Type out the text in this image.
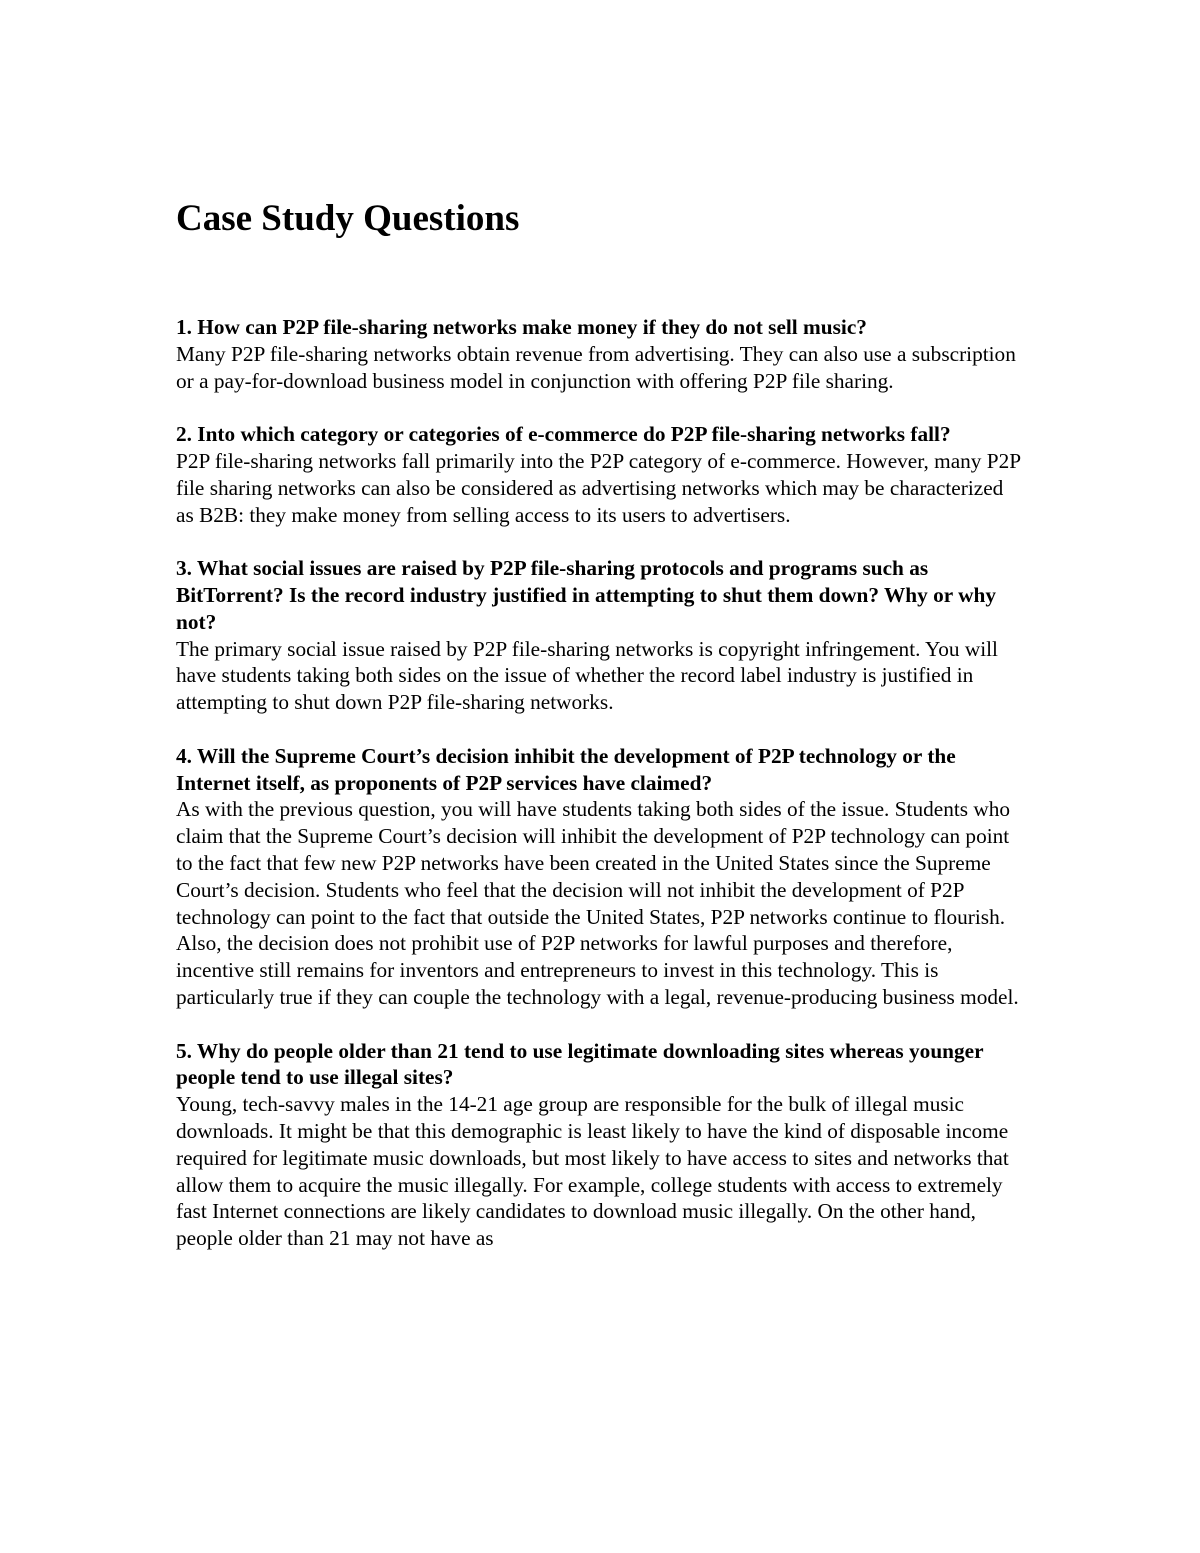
Case Study Questions

1. How can P2P file-sharing networks make money if they do not sell music?

Many P2P file-sharing networks obtain revenue from advertising. They can also use a subscription or a pay-for-download business model in conjunction with offering P2P file sharing.

2. Into which category or categories of e-commerce do P2P file-sharing networks fall?

P2P file-sharing networks fall primarily into the P2P category of e-commerce. However, many P2P file sharing networks can also be considered as advertising networks which may be characterized as B2B: they make money from selling access to its users to advertisers.

3. What social issues are raised by P2P file-sharing protocols and programs such as BitTorrent? Is the record industry justified in attempting to shut them down? Why or why not?

The primary social issue raised by P2P file-sharing networks is copyright infringement. You will have students taking both sides on the issue of whether the record label industry is justified in attempting to shut down P2P file-sharing networks.

4. Will the Supreme Court’s decision inhibit the development of P2P technology or the Internet itself, as proponents of P2P services have claimed?

As with the previous question, you will have students taking both sides of the issue. Students who claim that the Supreme Court’s decision will inhibit the development of P2P technology can point to the fact that few new P2P networks have been created in the United States since the Supreme Court’s decision. Students who feel that the decision will not inhibit the development of P2P technology can point to the fact that outside the United States, P2P networks continue to flourish. Also, the decision does not prohibit use of P2P networks for lawful purposes and therefore, incentive still remains for inventors and entrepreneurs to invest in this technology. This is particularly true if they can couple the technology with a legal, revenue-producing business model.

5. Why do people older than 21 tend to use legitimate downloading sites whereas younger people tend to use illegal sites?

Young, tech-savvy males in the 14-21 age group are responsible for the bulk of illegal music downloads. It might be that this demographic is least likely to have the kind of disposable income required for legitimate music downloads, but most likely to have access to sites and networks that allow them to acquire the music illegally. For example, college students with access to extremely fast Internet connections are likely candidates to download music illegally. On the other hand, people older than 21 may not have as
